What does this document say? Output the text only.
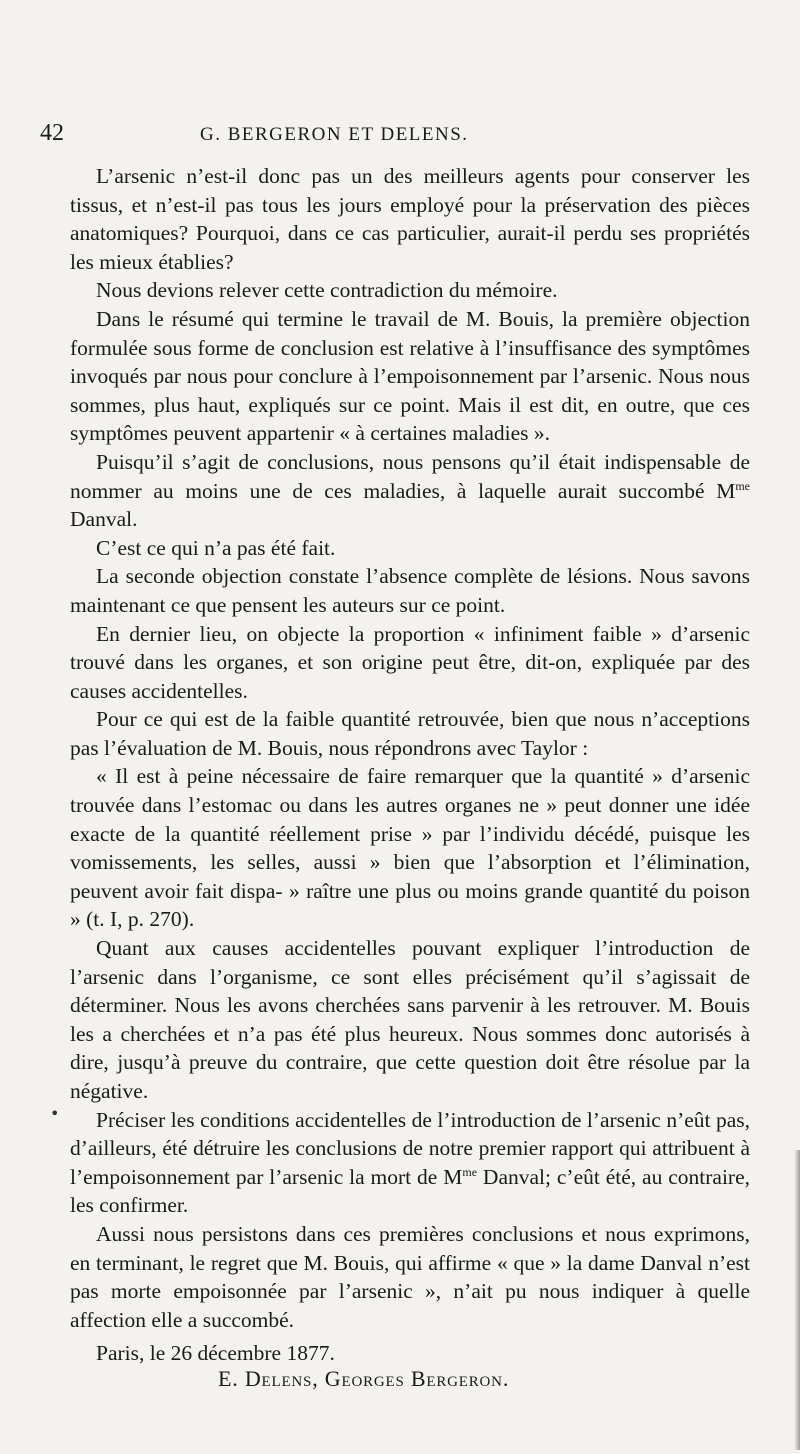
42	G. BERGERON ET DELENS.

L’arsenic n’est-il donc pas un des meilleurs agents pour conserver les tissus, et n’est-il pas tous les jours employé pour la préservation des pièces anatomiques? Pourquoi, dans ce cas particulier, aurait-il perdu ses propriétés les mieux établies?

Nous devions relever cette contradiction du mémoire.

Dans le résumé qui termine le travail de M. Bouis, la première objection formulée sous forme de conclusion est relative à l’insuffisance des symptômes invoqués par nous pour conclure à l’empoisonnement par l’arsenic. Nous nous sommes, plus haut, expliqués sur ce point. Mais il est dit, en outre, que ces symptômes peuvent appartenir « à certaines maladies ».

Puisqu’il s’agit de conclusions, nous pensons qu’il était indispensable de nommer au moins une de ces maladies, à laquelle aurait succombé $M^{me}$ Danval.

C’est ce qui n’a pas été fait.

La seconde objection constate l’absence complète de lésions. Nous savons maintenant ce que pensent les auteurs sur ce point.

En dernier lieu, on objecte la proportion « infiniment faible » d’arsenic trouvé dans les organes, et son origine peut être, dit-on, expliquée par des causes accidentelles.

Pour ce qui est de la faible quantité retrouvée, bien que nous n’acceptions pas l’évaluation de M. Bouis, nous répondrons avec Taylor :

« Il est à peine nécessaire de faire remarquer que la quantité » d’arsenic trouvée dans l’estomac ou dans les autres organes ne » peut donner une idée exacte de la quantité réellement prise » par l’individu décédé, puisque les vomissements, les selles, aussi » bien que l’absorption et l’élimination, peuvent avoir fait dispa- » raître une plus ou moins grande quantité du poison » (t. I, p. 270).

Quant aux causes accidentelles pouvant expliquer l’introduction de l’arsenic dans l’organisme, ce sont elles précisément qu’il s’agissait de déterminer. Nous les avons cherchées sans parvenir à les retrouver. M. Bouis les a cherchées et n’a pas été plus heureux. Nous sommes donc autorisés à dire, jusqu’à preuve du contraire, que cette question doit être résolue par la négative.

Préciser les conditions accidentelles de l’introduction de l’arsenic n’eût pas, d’ailleurs, été détruire les conclusions de notre premier rapport qui attribuent à l’empoisonnement par l’arsenic la mort de $M^{me}$ Danval; c’eût été, au contraire, les confirmer.

Aussi nous persistons dans ces premières conclusions et nous exprimons, en terminant, le regret que M. Bouis, qui affirme « que » la dame Danval n’est pas morte empoisonnée par l’arsenic », n’ait pu nous indiquer à quelle affection elle a succombé.

•
Paris, le 26 décembre 1877.
E. Delens, Georges Bergeron.
